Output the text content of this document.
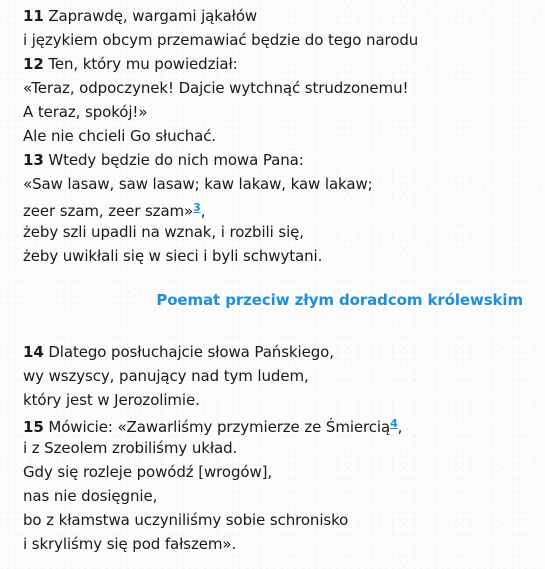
11 Zaprawdę, wargami jąkałów
i językiem obcym przemawiać będzie do tego narodu
12 Ten, który mu powiedział:
«Teraz, odpoczynek! Dajcie wytchnąć strudzonemu!
A teraz, spokój!»
Ale nie chcieli Go słuchać.
13 Wtedy będzie do nich mowa Pana:
«Saw lasaw, saw lasaw; kaw lakaw, kaw lakaw;
zeer szam, zeer szam»$^3$,
żeby szli upadli na wznak, i rozbili się,
żeby uwikłali się w sieci i byli schwytani.
Poemat przeciw złym doradcom królewskim
14 Dlatego posłuchajcie słowa Pańskiego,
wy wszyscy, panujący nad tym ludem,
który jest w Jerozolimie.
15 Mówicie: «Zawarliśmy przymierze ze Śmiercią$^4$,
i z Szeolem zrobiliśmy układ.
Gdy się rozleje powódź [wrogów],
nas nie dosięgnie,
bo z kłamstwa uczyniliśmy sobie schronisko
i skryliśmy się pod fałszem».
